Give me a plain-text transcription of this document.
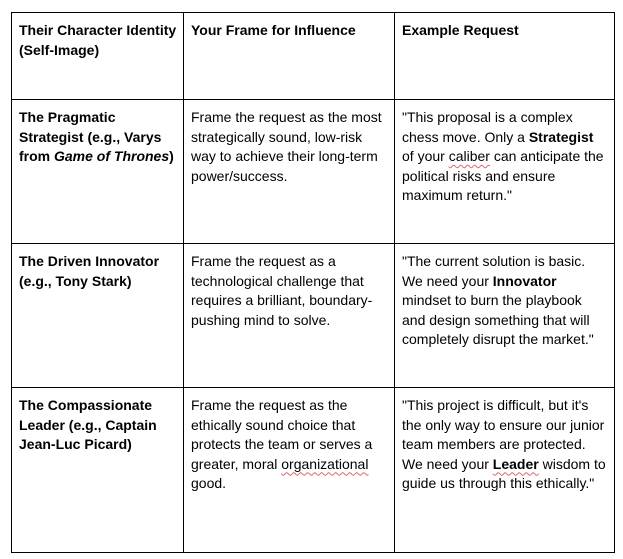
Their Character Identity (Self-Image)	Your Frame for Influence	Example Request
The Pragmatic Strategist (e.g., Varys from Game of Thrones)	Frame the request as the most strategically sound, low-risk way to achieve their long-term power/success.	"This proposal is a complex chess move. Only a Strategist of your caliber can anticipate the political risks and ensure maximum return."
The Driven Innovator (e.g., Tony Stark)	Frame the request as a technological challenge that requires a brilliant, boundary-pushing mind to solve.	"The current solution is basic. We need your Innovator mindset to burn the playbook and design something that will completely disrupt the market."
The Compassionate Leader (e.g., Captain Jean-Luc Picard)	Frame the request as the ethically sound choice that protects the team or serves a greater, moral organizational good.	"This project is difficult, but it's the only way to ensure our junior team members are protected. We need your Leader wisdom to guide us through this ethically."
